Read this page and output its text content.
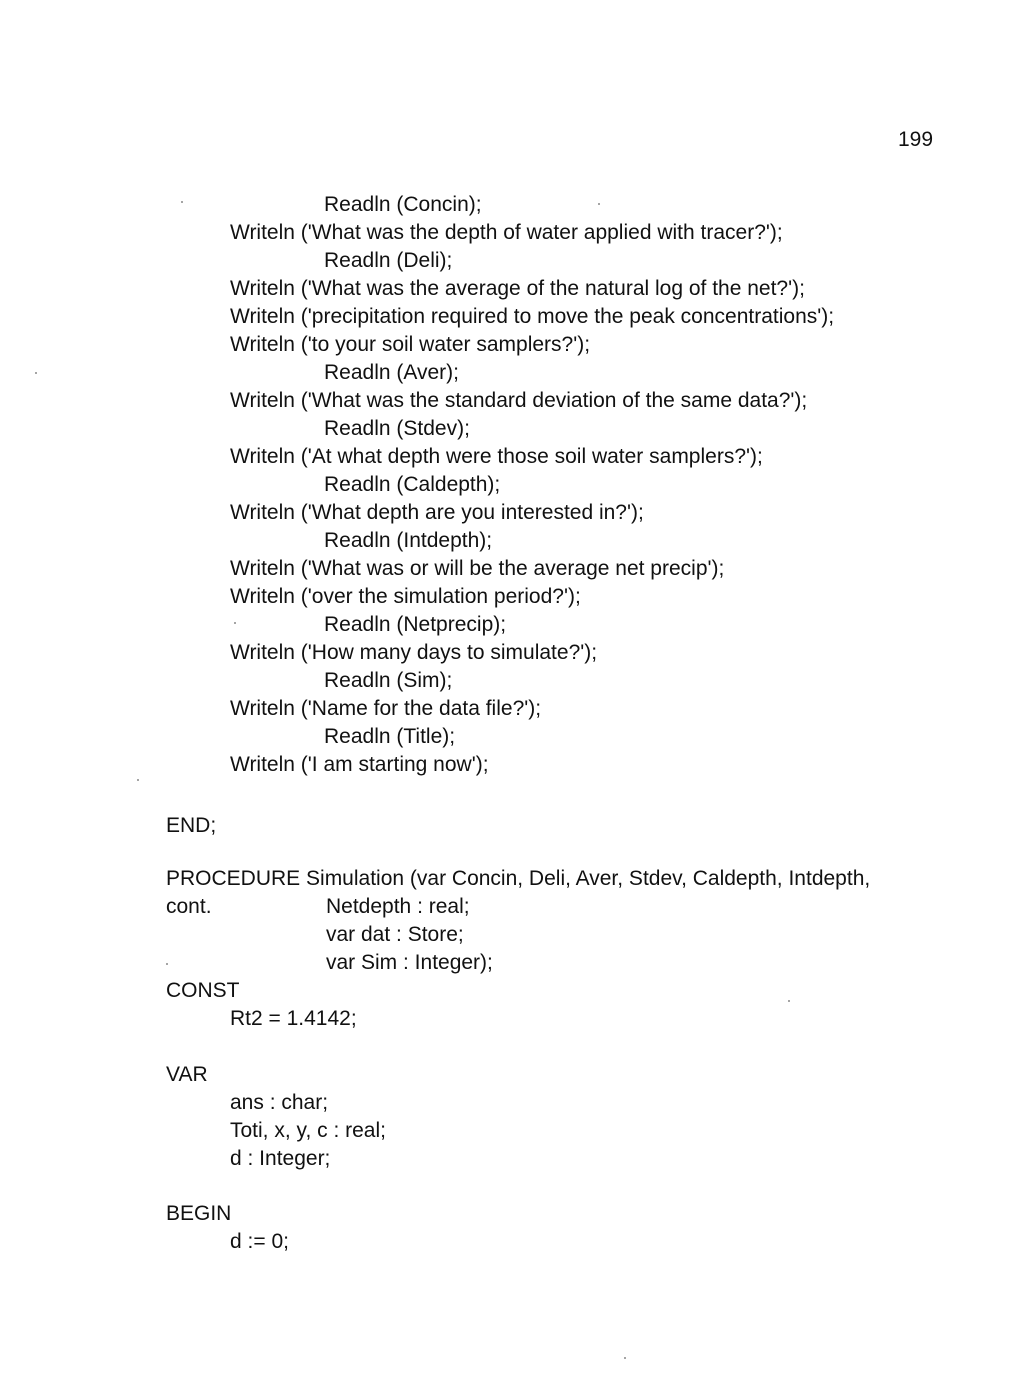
199
Readln (Concin);
Writeln ('What was the depth of water applied with tracer?');
Readln (Deli);
Writeln ('What was the average of the natural log of the net?');
Writeln ('precipitation required to move the peak concentrations');
Writeln ('to your soil water samplers?');
Readln (Aver);
Writeln ('What was the standard deviation of the same data?');
Readln (Stdev);
Writeln ('At what depth were those soil water samplers?');
Readln (Caldepth);
Writeln ('What depth are you interested in?');
Readln (Intdepth);
Writeln ('What was or will be the average net precip');
Writeln ('over the simulation period?');
Readln (Netprecip);
Writeln ('How many days to simulate?');
Readln (Sim);
Writeln ('Name for the data file?');
Readln (Title);
Writeln ('I am starting now');
END;
PROCEDURE Simulation (var Concin, Deli, Aver, Stdev, Caldepth, Intdepth,
cont.	Netdepth : real;
var dat : Store;
var Sim : Integer);
CONST
Rt2 = 1.4142;
VAR
ans : char;
Toti, x, y, c : real;
d : Integer;
BEGIN
d := 0;
